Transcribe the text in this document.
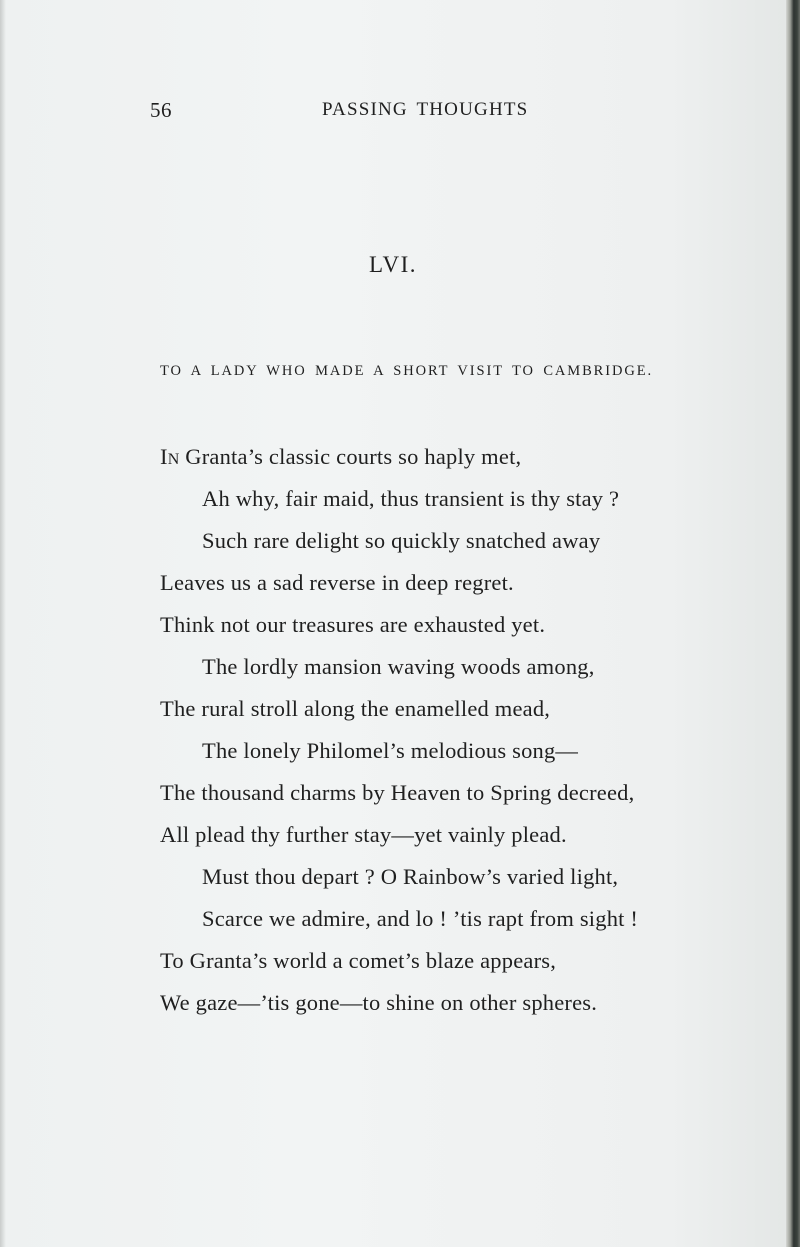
56	PASSING THOUGHTS
LVI.
TO A LADY WHO MADE A SHORT VISIT TO CAMBRIDGE.
In Granta’s classic courts so haply met,
Ah why, fair maid, thus transient is thy stay ?
Such rare delight so quickly snatched away
Leaves us a sad reverse in deep regret.
Think not our treasures are exhausted yet.
The lordly mansion waving woods among,
The rural stroll along the enamelled mead,
The lonely Philomel’s melodious song—
The thousand charms by Heaven to Spring decreed,
All plead thy further stay—yet vainly plead.
Must thou depart ? O Rainbow’s varied light,
Scarce we admire, and lo ! ’tis rapt from sight !
To Granta’s world a comet’s blaze appears,
We gaze—’tis gone—to shine on other spheres.
